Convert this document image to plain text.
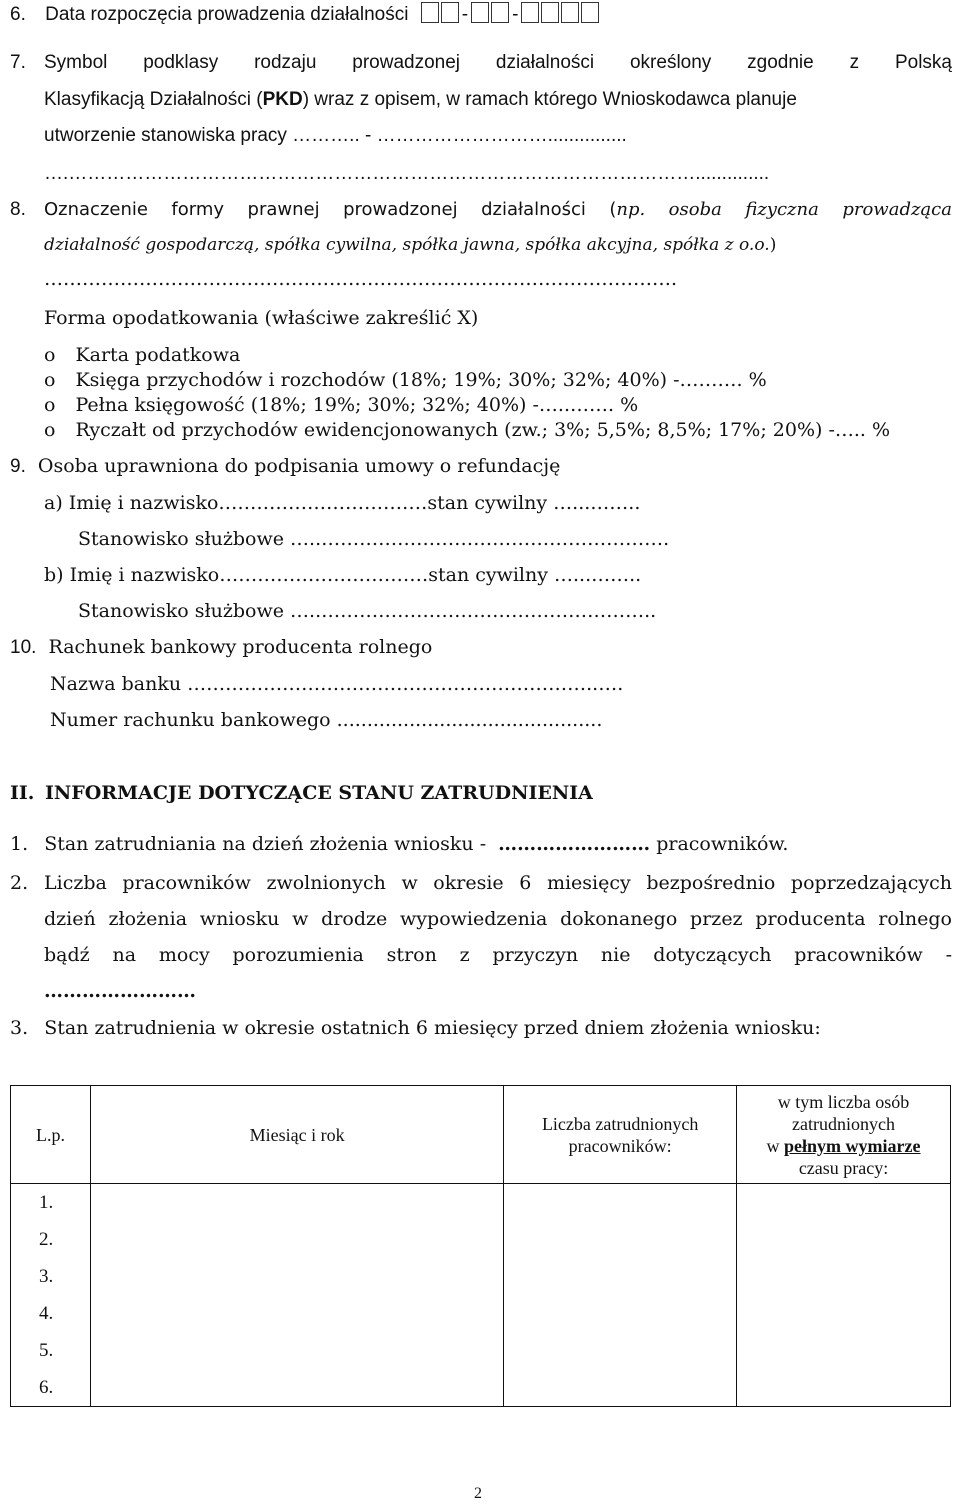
6. Data rozpoczęcia prowadzenia działalności	- -
7. Symbol podklasy rodzaju prowadzonej działalności określony zgodnie z Polską
Klasyfikacją Działalności (PKD) wraz z opisem, w ramach którego Wnioskodawca planuje
utworzenie stanowiska pracy ……….. - ………………………...............
….………………………………………………………………………………………..............
8. Oznaczenie formy prawnej prowadzonej działalności (np. osoba fizyczna prowadząca
działalność gospodarczą, spółka cywilna, spółka jawna, spółka akcyjna, spółka z o.o.)
……………………………………………………………………………………….
Forma opodatkowania (właściwe zakreślić X)
o Karta podatkowa
o Księga przychodów i rozchodów (18%; 19%; 30%; 32%; 40%) -………. %
o Pełna księgowość (18%; 19%; 30%; 32%; 40%) -…..……. %
o Ryczałt od przychodów ewidencjonowanych (zw.; 3%; 5,5%; 8,5%; 17%; 20%) -….. %
9. Osoba uprawniona do podpisania umowy o refundację
a) Imię i nazwisko……………………………stan cywilny …...……..
Stanowisko służbowe …..……………………………………………….
b) Imię i nazwisko……………………………stan cywilny …...……..
Stanowisko służbowe …..……………………………………………..
10. Rachunek bankowy producenta rolnego
Nazwa banku ………………………………………………………..….
Numer rachunku bankowego ............................................
II. INFORMACJE DOTYCZĄCE STANU ZATRUDNIENIA
1. Stan zatrudniania na dzień złożenia wniosku - …………………… pracowników.
2. Liczba pracowników zwolnionych w okresie 6 miesięcy bezpośrednio poprzedzających
dzień złożenia wniosku w drodze wypowiedzenia dokonanego przez producenta rolnego
bądź na mocy porozumienia stron z przyczyn nie dotyczących pracowników -
……………………
3. Stan zatrudnienia w okresie ostatnich 6 miesięcy przed dniem złożenia wniosku:
L.p.	Miesiąc i rok	Liczba zatrudnionych pracowników:	w tym liczba osób zatrudnionych
w pełnym wymiarze
czasu pracy:

1.			
2.			
3.			
4.			
5.			
6.			
2
